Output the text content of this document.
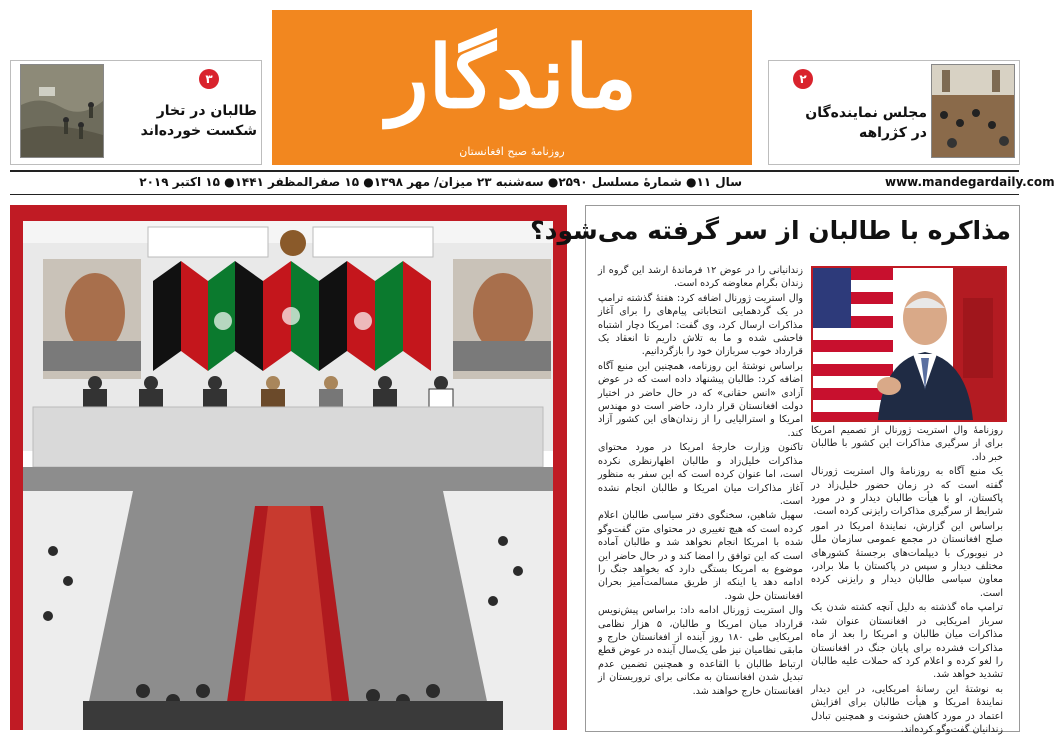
۳
طالبان در تخار شکست خورده‌اند
ماندگار
روزنامهٔ صبح افغانستان
۲
مجلس نماینده‌گان در کژراهه
www.mandegardaily.com
سال ۱۱● شمارۀ مسلسل ۲۵۹۰● سه‌شنبه ۲۳ میزان/ مهر ۱۳۹۸● ۱۵ صفرالمظفر ۱۴۴۱● ۱۵ اکتبر ۲۰۱۹
مذاکره با طالبان از سر گرفته می‌شود؟

زندانیانی را در عوض ۱۲ فرماندۀ ارشد این گروه از زندان بگرام معاوضه کرده است.

وال استریت ژورنال اضافه کرد: هفتۀ گذشته ترامپ در یک گردهمایی انتخاباتی پیام‌های را برای آغاز مذاکرات ارسال کرد، وی گفت: امریکا دچار اشتباه فاحشی شده و ما به تلاش داریم تا انعقاد یک قرارداد خوب سربازان خود را بازگردانیم.

براساس نوشتۀ این روزنامه، همچنین این منبع آگاه اضافه کرد: طالبان پیشنهاد داده است که در عوض آزادی «انس حقانی» که در حال حاضر در اختیار دولت افغانستان قرار دارد، حاضر است دو مهندس امریکا و استرالیایی را از زندان‌های این کشور آزاد کند.

تاکنون وزارت خارجۀ امریکا در مورد محتوای مذاکرات خلیل‌زاد و طالبان اظهارنظری نکرده است، اما عنوان کرده است که این سفر به منظور آغاز مذاکرات میان امریکا و طالبان انجام نشده است.

سهیل شاهین، سخنگوی دفتر سیاسی طالبان اعلام کرده است که هیچ تغییری در محتوای متن گفت‌وگو شده با امریکا انجام نخواهد شد و طالبان آماده است که این توافق را امضا کند و در حال حاضر این موضوع به امریکا بستگی دارد که بخواهد جنگ را ادامه دهد یا اینکه از طریق مسالمت‌آمیز بحران افغانستان حل شود.

وال استریت ژورنال ادامه داد: براساس پیش‌نویس قرارداد میان امریکا و طالبان، ۵ هزار نظامی امریکایی طی ۱۸۰ روز آینده از افغانستان خارج و مابقی نظامیان نیز طی یک‌سال آینده در عوض قطع ارتباط طالبان با القاعده و همچنین تضمین عدم تبدیل شدن افغانستان به مکانی برای تروریستان از افغانستان خارج خواهند شد.

روزنامۀ وال استریت ژورنال از تصمیم امریکا برای از سرگیری مذاکرات این کشور با طالبان خبر داد.

یک منبع آگاه به روزنامۀ وال استریت ژورنال گفته است که در زمان حضور خلیل‌زاد در پاکستان، او با هیأت طالبان دیدار و در مورد شرایط از سرگیری مذاکرات رایزنی کرده است.

براساس این گزارش، نمایندۀ امریکا در امور صلح افغانستان در مجمع عمومی سازمان ملل در نیویورک با دیپلمات‌های برجستۀ کشورهای مختلف دیدار و سپس در پاکستان با ملا برادر، معاون سیاسی طالبان دیدار و رایزنی کرده است.

ترامپ ماه گذشته به دلیل آنچه کشته شدن یک سرباز امریکایی در افغانستان عنوان شد، مذاکرات میان طالبان و امریکا را بعد از ماه مذاکرات فشرده برای پایان جنگ در افغانستان را لغو کرده و اعلام کرد که حملات علیه طالبان تشدید خواهد شد.

به نوشتۀ این رسانۀ امریکایی، در این دیدار نمایندۀ امریکا و هیأت طالبان برای افزایش اعتماد در مورد کاهش خشونت و همچنین تبادل زندانیان گفت‌وگو کرده‌اند.
